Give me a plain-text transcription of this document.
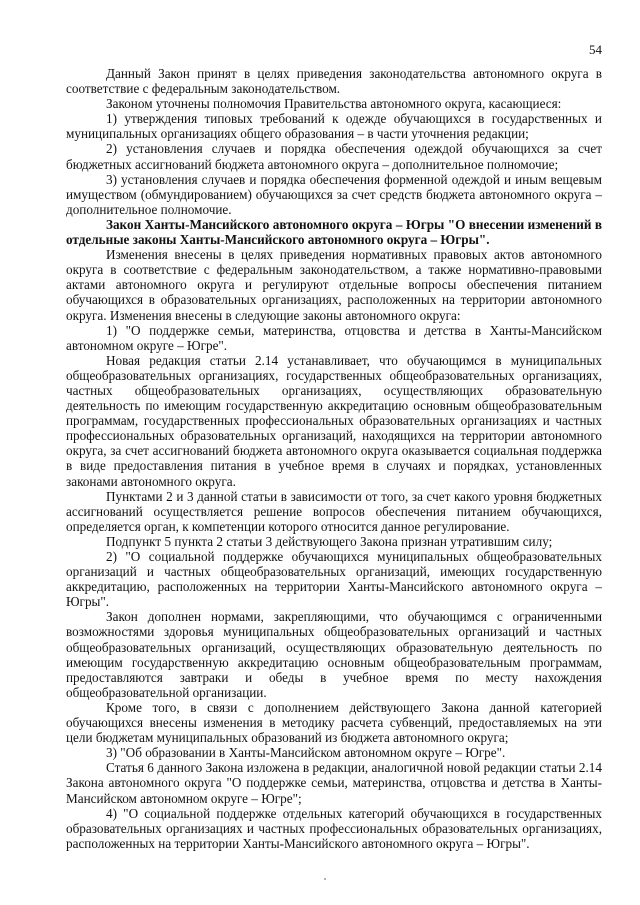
54

Данный Закон принят в целях приведения законодательства автономного округа в соответствие с федеральным законодательством.

Законом уточнены полномочия Правительства автономного округа, касающиеся:

1) утверждения типовых требований к одежде обучающихся в государственных и муниципальных организациях общего образования – в части уточнения редакции;

2) установления случаев и порядка обеспечения одеждой обучающихся за счет бюджетных ассигнований бюджета автономного округа – дополнительное полномочие;

3) установления случаев и порядка обеспечения форменной одеждой и иным вещевым имуществом (обмундированием) обучающихся за счет средств бюджета автономного округа – дополнительное полномочие.

Закон Ханты-Мансийского автономного округа – Югры "О внесении изменений в отдельные законы Ханты-Мансийского автономного округа – Югры".

Изменения внесены в целях приведения нормативных правовых актов автономного округа в соответствие с федеральным законодательством, а также нормативно-правовыми актами автономного округа и регулируют отдельные вопросы обеспечения питанием обучающихся в образовательных организациях, расположенных на территории автономного округа. Изменения внесены в следующие законы автономного округа:

1) "О поддержке семьи, материнства, отцовства и детства в Ханты-Мансийском автономном округе – Югре".

Новая редакция статьи 2.14 устанавливает, что обучающимся в муниципальных общеобразовательных организациях, государственных общеобразовательных организациях, частных общеобразовательных организациях, осуществляющих образовательную деятельность по имеющим государственную аккредитацию основным общеобразовательным программам, государственных профессиональных образовательных организациях и частных профессиональных образовательных организаций, находящихся на территории автономного округа, за счет ассигнований бюджета автономного округа оказывается социальная поддержка в виде предоставления питания в учебное время в случаях и порядках, установленных законами автономного округа.

Пунктами 2 и 3 данной статьи в зависимости от того, за счет какого уровня бюджетных ассигнований осуществляется решение вопросов обеспечения питанием обучающихся, определяется орган, к компетенции которого относится данное регулирование.

Подпункт 5 пункта 2 статьи 3 действующего Закона признан утратившим силу;

2) "О социальной поддержке обучающихся муниципальных общеобразовательных организаций и частных общеобразовательных организаций, имеющих государственную аккредитацию, расположенных на территории Ханты-Мансийского автономного округа – Югры".

Закон дополнен нормами, закрепляющими, что обучающимся с ограниченными возможностями здоровья муниципальных общеобразовательных организаций и частных общеобразовательных организаций, осуществляющих образовательную деятельность по имеющим государственную аккредитацию основным общеобразовательным программам, предоставляются завтраки и обеды в учебное время по месту нахождения общеобразовательной организации.

Кроме того, в связи с дополнением действующего Закона данной категорией обучающихся внесены изменения в методику расчета субвенций, предоставляемых на эти цели бюджетам муниципальных образований из бюджета автономного округа;

3) "Об образовании в Ханты-Мансийском автономном округе – Югре".

Статья 6 данного Закона изложена в редакции, аналогичной новой редакции статьи 2.14 Закона автономного округа "О поддержке семьи, материнства, отцовства и детства в Ханты-Мансийском автономном округе – Югре";

4) "О социальной поддержке отдельных категорий обучающихся в государственных образовательных организациях и частных профессиональных образовательных организациях, расположенных на территории Ханты-Мансийского автономного округа – Югры".
